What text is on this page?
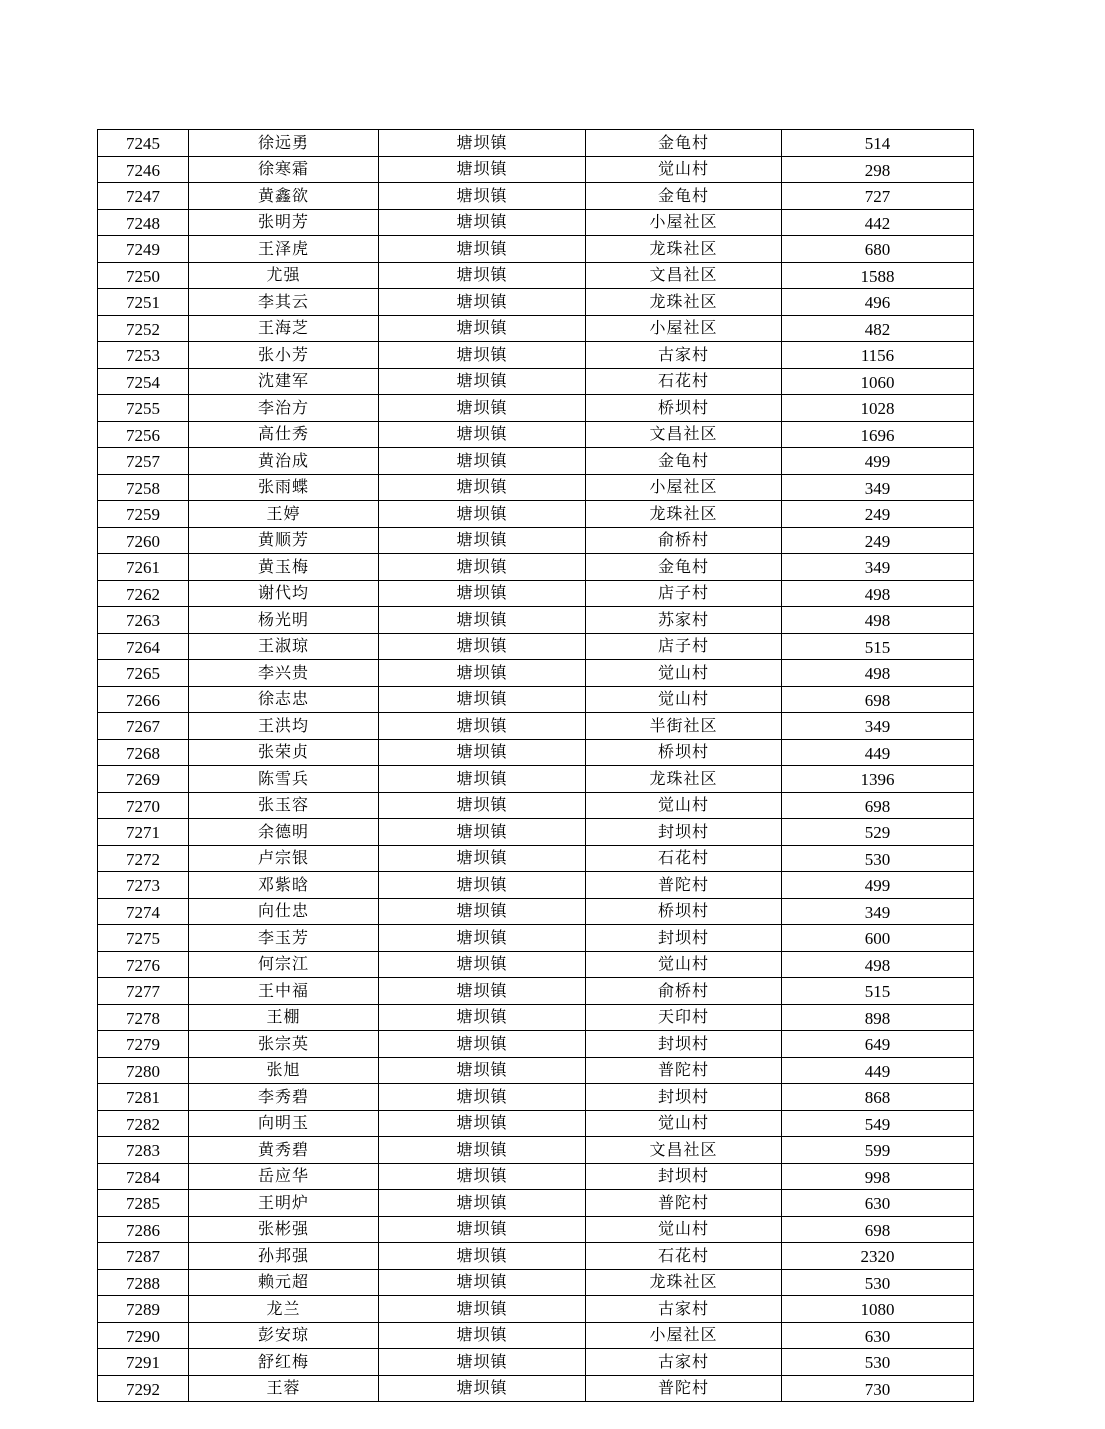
7245	徐远勇	塘坝镇	金龟村	514
7246	徐寒霜	塘坝镇	觉山村	298
7247	黄鑫欲	塘坝镇	金龟村	727
7248	张明芳	塘坝镇	小屋社区	442
7249	王泽虎	塘坝镇	龙珠社区	680
7250	尤强	塘坝镇	文昌社区	1588
7251	李其云	塘坝镇	龙珠社区	496
7252	王海芝	塘坝镇	小屋社区	482
7253	张小芳	塘坝镇	古家村	1156
7254	沈建军	塘坝镇	石花村	1060
7255	李治方	塘坝镇	桥坝村	1028
7256	高仕秀	塘坝镇	文昌社区	1696
7257	黄治成	塘坝镇	金龟村	499
7258	张雨蝶	塘坝镇	小屋社区	349
7259	王婷	塘坝镇	龙珠社区	249
7260	黄顺芳	塘坝镇	俞桥村	249
7261	黄玉梅	塘坝镇	金龟村	349
7262	谢代均	塘坝镇	店子村	498
7263	杨光明	塘坝镇	苏家村	498
7264	王淑琼	塘坝镇	店子村	515
7265	李兴贵	塘坝镇	觉山村	498
7266	徐志忠	塘坝镇	觉山村	698
7267	王洪均	塘坝镇	半街社区	349
7268	张荣贞	塘坝镇	桥坝村	449
7269	陈雪兵	塘坝镇	龙珠社区	1396
7270	张玉容	塘坝镇	觉山村	698
7271	余德明	塘坝镇	封坝村	529
7272	卢宗银	塘坝镇	石花村	530
7273	邓紫晗	塘坝镇	普陀村	499
7274	向仕忠	塘坝镇	桥坝村	349
7275	李玉芳	塘坝镇	封坝村	600
7276	何宗江	塘坝镇	觉山村	498
7277	王中福	塘坝镇	俞桥村	515
7278	王棚	塘坝镇	天印村	898
7279	张宗英	塘坝镇	封坝村	649
7280	张旭	塘坝镇	普陀村	449
7281	李秀碧	塘坝镇	封坝村	868
7282	向明玉	塘坝镇	觉山村	549
7283	黄秀碧	塘坝镇	文昌社区	599
7284	岳应华	塘坝镇	封坝村	998
7285	王明炉	塘坝镇	普陀村	630
7286	张彬强	塘坝镇	觉山村	698
7287	孙邦强	塘坝镇	石花村	2320
7288	赖元超	塘坝镇	龙珠社区	530
7289	龙兰	塘坝镇	古家村	1080
7290	彭安琼	塘坝镇	小屋社区	630
7291	舒红梅	塘坝镇	古家村	530
7292	王蓉	塘坝镇	普陀村	730
